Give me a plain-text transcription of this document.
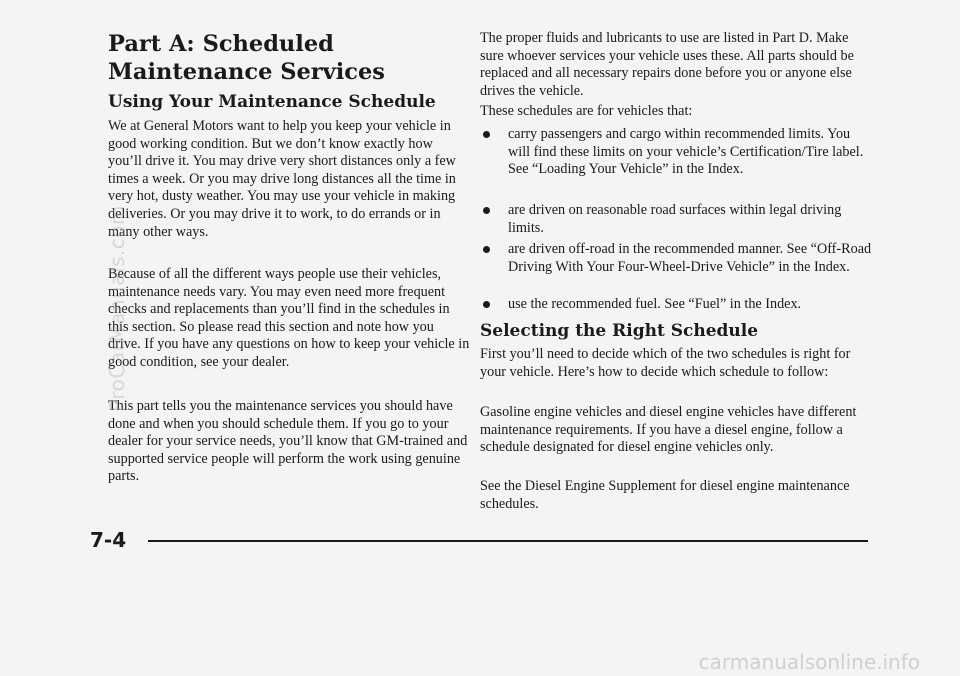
Part A: Scheduled Maintenance Services
Using Your Maintenance Schedule

We at General Motors want to help you keep your vehicle in good working condition. But we don’t know exactly how you’ll drive it. You may drive very short distances only a few times a week. Or you may drive long distances all the time in very hot, dusty weather. You may use your vehicle in making deliveries. Or you may drive it to work, to do errands or in many other ways.

Because of all the different ways people use their vehicles, maintenance needs vary. You may even need more frequent checks and replacements than you’ll find in the schedules in this section. So please read this section and note how you drive. If you have any questions on how to keep your vehicle in good condition, see your dealer.

This part tells you the maintenance services you should have done and when you should schedule them. If you go to your dealer for your service needs, you’ll know that GM-trained and supported service people will perform the work using genuine parts.

The proper fluids and lubricants to use are listed in Part D. Make sure whoever services your vehicle uses these. All parts should be replaced and all necessary repairs done before you or anyone else drives the vehicle.

These schedules are for vehicles that:

carry passengers and cargo within recommended limits. You will find these limits on your vehicle’s Certification/Tire label. See “Loading Your Vehicle” in the Index.
are driven on reasonable road surfaces within legal driving limits.
are driven off-road in the recommended manner. See “Off-Road Driving With Your Four-Wheel-Drive Vehicle” in the Index.
use the recommended fuel. See “Fuel” in the Index.
Selecting the Right Schedule

First you’ll need to decide which of the two schedules is right for your vehicle. Here’s how to decide which schedule to follow:

Gasoline engine vehicles and diesel engine vehicles have different maintenance requirements. If you have a diesel engine, follow a schedule designated for diesel engine vehicles only.

See the Diesel Engine Supplement for diesel engine maintenance schedules.

7-4
ProCarManuals.com
carmanualsonline.info
